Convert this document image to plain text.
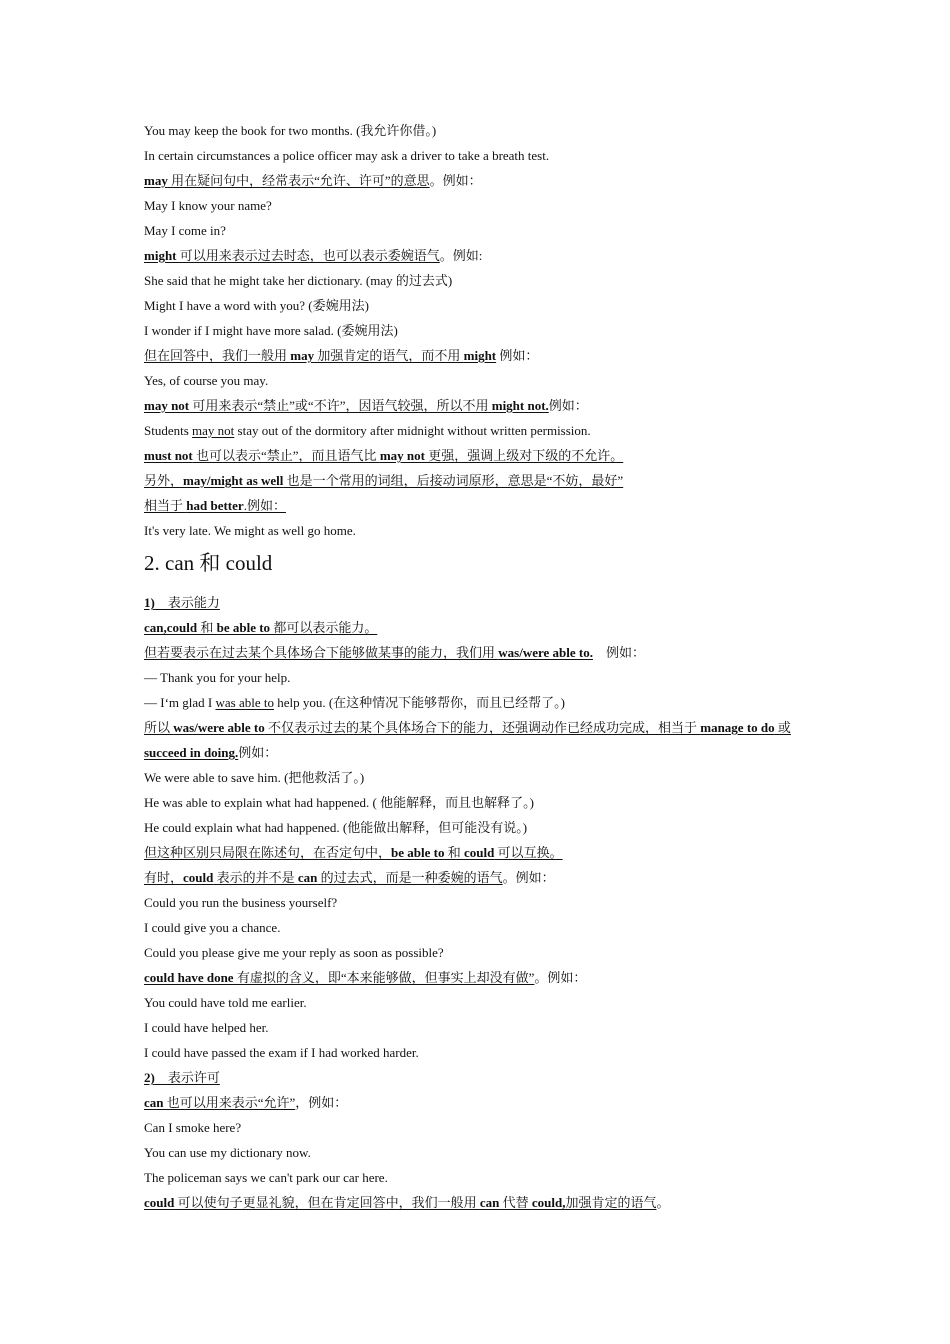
You may keep the book for two months. (我允许你借。)
In certain circumstances a police officer may ask a driver to take a breath test.
may 用在疑问句中，经常表示“允许、许可”的意思。例如：
May I know your name?
May I come in?
might 可以用来表示过去时态，也可以表示委婉语气。例如:
She said that he might take her dictionary. (may 的过去式)
Might I have a word with you? (委婉用法)
I wonder if I might have more salad. (委婉用法)
但在回答中，我们一般用 may 加强肯定的语气，而不用 might 例如：
Yes, of course you may.
may not 可用来表示“禁止”或“不许”，因语气较强，所以不用 might not.例如：
Students may not stay out of the dormitory after midnight without written permission.
must not 也可以表示“禁止”，而且语气比 may not 更强，强调上级对下级的不允许。
另外，may/might as well 也是一个常用的词组，后接动词原形，意思是“不妨，最好”
相当于 had better.例如：
It's very late. We might as well go home.
2. can 和 could
1)　表示能力
can,could 和 be able to 都可以表示能力。
但若要表示在过去某个具体场合下能够做某事的能力，我们用 was/were able to.　例如：
— Thank you for your help.
— I‘m glad I was able to help you. (在这种情况下能够帮你，而且已经帮了。)
所以 was/were able to 不仅表示过去的某个具体场合下的能力，还强调动作已经成功完成，相当于 manage to do 或 succeed in doing.例如：
We were able to save him. (把他救活了。)
He was able to explain what had happened. ( 他能解释，而且也解释了。)
He could explain what had happened. (他能做出解释，但可能没有说。)
但这种区别只局限在陈述句，在否定句中，be able to 和 could 可以互换。
有时，could 表示的并不是 can 的过去式，而是一种委婉的语气。例如：
Could you run the business yourself?
I could give you a chance.
Could you please give me your reply as soon as possible?
could have done 有虚拟的含义，即“本来能够做，但事实上却没有做”。例如：
You could have told me earlier.
I could have helped her.
I could have passed the exam if I had worked harder.
2)　表示许可
can 也可以用来表示“允许”，例如：
Can I smoke here?
You can use my dictionary now.
The policeman says we can't park our car here.
could 可以使句子更显礼貌，但在肯定回答中，我们一般用 can 代替 could,加强肯定的语气。
